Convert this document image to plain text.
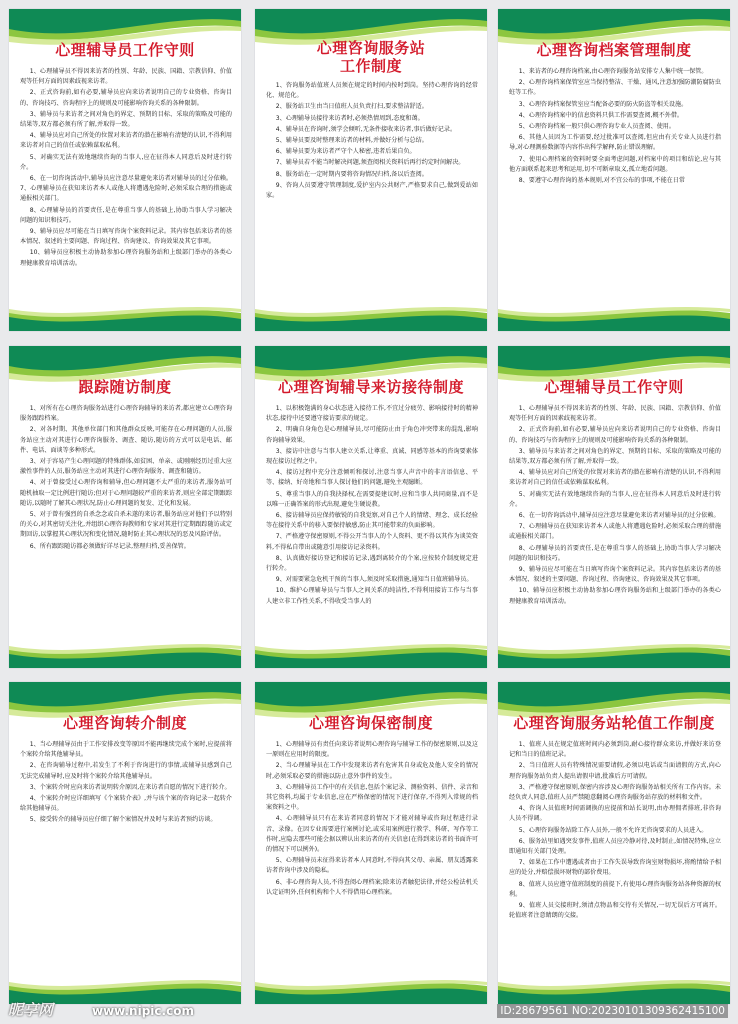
心理辅导员工作守则

1、心理辅导员不得因来访者的性别、年龄、民族、国籍、宗教信仰、价值观等任何方面的因素歧视来访者。

2、正式咨询前,如有必要,辅导员应向来访者说明自己的专业资格、咨询目的、咨询技巧、咨询程序上的规则及可能影响咨询关系的各种限制。

3、辅导员与来访者之间对角色的界定、预期的目标、采取的策略及可能的结果等,双方都必须有所了解,并取得一致。

4、辅导员应对自己所处的位置对来访者的潜在影响有清楚的认识,不得利用来访者对自己的信任或依赖谋取私利。

5、对确实无法有效地继续咨询的当事人,应在征得本人同意后及时进行转介。

6、在一切咨询活动中,辅导员应注意尽量避免来访者对辅导员的过分依赖。7、心理辅导员在获知来访者本人或他人将遭遇危险时,必须采取合理的措施或通报相关部门。

8、心理辅导员的首要责任,是在尊重当事人的基础上,协助当事人学习解决问题的知识和技巧。

9、辅导员应尽可能在当日填写咨询个案资料记录。其内容包括来访者的基本情况、叙述的主要问题、咨询过程、咨询建议、咨询效果及其它事项。

10、辅导员应积极主动协助参加心理咨询服务站和上级部门举办的各类心理健康教育培训活动。

心理咨询服务站
工作制度

1、咨询服务站值班人员须在规定的时间内按时到岗。坚持心理咨询的经常化、规范化。

2、服务站卫生由当日值班人员负责打扫,要求整洁舒适。

3、心理辅导员接待来访者时,必须热情周到,态度和蔼。

4、辅导员在咨询时,须学会倾听,无条件接收来访者,事后做好记录。

5、辅导员要及时整理来访者的材料,并做好分析与总结。

6、辅导员要为来访者严守个人秘密,违者后果自负。

7、辅导员若不能当时解决问题,须查阅相关资料后再行约定时间解决。

8、服务站在一定时期内要将咨询情况归档,备以后查阅。

9、咨询人员要遵守管理制度,爱护室内公共财产,严格要求自己,做到爱站如家。

心理咨询档案管理制度

1、来访者的心理咨询档案,由心理咨询服务站安排专人集中统一保管。

2、心理咨询档案保管室应当保持整洁、干燥、通风,注意加强防潮防腐防虫蛀等工作。

3、心理咨询档案保管室应当配备必要的防火防盗等相关设施。

4、心理咨询档案中的信息资料只供工作需要查阅,概不外借。

5、心理咨询档案一般只供心理咨询专业人员查阅、使用。

6、其他人员因为工作需要,经过批准可以查阅,但应由有关专业人员进行指导,对心理测验数据等内容作出科学解释,防止错误理解。

7、使用心理档案的资料时要全面考虑问题,对档案中的项目和结论,应与其他方面联系起来思考和运用,切不可断章取义,孤立地看问题。

8、要遵守心理咨询的基本规则,对不宜公布的事项,不能在日常

跟踪随访制度

1、对所有在心理咨询服务站进行心理咨询辅导的来访者,都应建立心理咨询服务跟踪档案。

2、对各时期、其他单位部门和其他群众反映,可能存在心理问题的人员,服务站应主动对其进行心理咨询服务、调查、随访,随访的方式可以是电话、邮件、电话、面谈等多种形式。

3、对于容易产生心理问题的特殊群体,如贫困、单亲、或刚刚经历过重大应激性事件的人员,服务站应主动对其进行心理咨询服务、调查和随访。

4、对于曾接受过心理咨询和辅导,但心理问题不太严重的来访者,服务站可随机抽取一定比例进行随访;但对于心理问题较严重的来访者,则应全部定期跟踪随访,以随时了解其心理状况,防止心理问题的复发、迁化和发展。

5、对于曾有强烈的自杀念念或自杀未遂的来访者,服务站应对他们予以特别的关心,对其密切关注化,并组织心理咨询教师和专家对其进行定期跟踪随访或定期回访,以掌握其心理状况和变化情况,随时防止其心理状况的恶及风险评估。

6、所有跟踪随访都必须做好详尽记录,整理归档,妥善保管。

心理咨询辅导来访接待制度

1、以积极饱满的身心状态进入接待工作,不宜过分疲劳、影响接待时的精神状态,接待中还要遵守接访要求的规定。

2、明确自身角色是心理辅导员,尽可能防止由于角色冲突带来的混乱,影响咨询辅导效果。

3、接访中注意与当事人建立关系,让尊重、真诚、同感等基本的咨询要素体现在接访过程之中。

4、接访过程中充分注意倾听和探讨,注意当事人声音中的非言语信息、平等、接纳、好奇地和当事人探讨他们的问题,避免主观臆断。

5、尊重当事人的自我抉择权,在需要提建议时,应和当事人共同商量,而不是以唯一正确答案的形式出现,避免生硬说教。

6、接访辅导员应保持敏锐的自我觉察,对自己个人的情绪、理念、成长经验等在接待关系中的移入要保持敏感,防止其可能带来的负面影响。

7、严格遵守保密原则,不得公开当事人的个人资料、更不得以其作为谈笑资料,不得私自带出或随意引用接访记录资料。

8、认真做好接访登记和接访记录,遇到离转介的个案,应按转介制度规定进行转介。

9、对需要紧急危机干预的当事人,须及时采取措施,通知当日值班辅导员。

10、维护心理辅导员与当事人之间关系的纯洁性,不得利用接访工作与当事人建立非工作性关系,不得收受当事人的

心理辅导员工作守则

1、心理辅导员不得因来访者的性别、年龄、民族、国籍、宗教信仰、价值观等任何方面的因素歧视来访者。

2、正式咨询前,如有必要,辅导员应向来访者说明自己的专业资格、咨询目的、咨询技巧与咨询程序上的规则及可能影响咨询关系的各种限制。

3、辅导员与来访者之间对角色的界定、预期的目标、采取的策略及可能的结果等,双方都必须有所了解,并取得一致。

4、辅导员应对自己所处的位置对来访者的潜在影响有清楚的认识,不得利用来访者对自己的信任或依赖谋取私利。

5、对确实无法有效地继续咨询的当事人,应在征得本人同意后及时进行转介。

6、在一切咨询活动中,辅导员应注意尽量避免来访者对辅导员的过分依赖。

7、心理辅导员在获知来访者本人或他人将遭遇危险时,必须采取合理的措施或通报相关部门。

8、心理辅导员的首要责任,是在尊重当事人的基础上,协助当事人学习解决问题的知识和技巧。

9、辅导员应尽可能在当日填写咨询个案资料记录。其内容包括来访者的基本情况、叙述的主要问题、咨询过程、咨询建议、咨询效果及其它事项。

10、辅导员应积极主动协助参加心理咨询服务站和上级部门举办的各类心理健康教育培训活动。

心理咨询转介制度

1、当心理辅导员由于工作安排改变等原因不能再继续完成个案时,应提前将个案转介给其他辅导员。

2、在咨询辅导过程中,若发生了不利于咨询进行的事情,或辅导员感到自己无法完成辅导时,应及时将个案转介给其他辅导员。

3、个案转介时应向来访者说明转介原因,在来访者自愿的情况下进行转介。

4、个案转介时应详细填写《个案转介表》,并与该个案的咨询记录一起转介给其他辅导员。

5、接受转介的辅导员应仔细了解个案情况并及时与来访者预约访谈。

心理咨询保密制度

1、心理辅导员有责任向来访者说明心理咨询与辅导工作的保密原则,以及这一原则在应用时的限度。

2、当心理辅导员在工作中发现来访者有危害其自身或危及他人安全的情况时,必须采取必要的措施以防止意外事件的发生。

3、心理辅导员工作中的有关信息,包括个案记录、测验资料、信件、录音和其它资料,均属于专业信息,应在严格保密的情况下进行保存,不得列入常规的档案资料之中。

4、心理辅导员只有在来访者同意的情况下才能对辅导或咨询过程进行录音、录像。在因专业需要进行案例讨论,或采用案例进行教学、科研、写作等工作时,应隐去那些可能会据以辨认出来访者的有关信息(在得到来访者的书面许可的情况下可以例外)。

5、心理辅导员未征得来访者本人同意时,不得向其父母、亲属、朋友透露来访者咨询中涉及的隐私。

6、非心理咨询人员,不得查阅心理档案;除来访者触犯法律,并经公检法机关认定证明外,任何机构和个人不得借用心理档案。

心理咨询服务站轮值工作制度

1、值班人员在规定值班时间内必须到岗,耐心接待群众来访,并做好来访登记和当日的值班记录。

2、当日值班人员有特殊情况需要请假,必须以电话或当面请假的方式,向心理咨询服务站负责人提出请假申请,批准后方可请假。

3、严格遵守保密原则,保密内容涉及心理咨询服务站相关所有工作内容。未经负责人同意,值班人员严禁随意翻阅心理咨询服务站存放的材料和文件。

4、咨询人员值班时间需调换的应提前和站长说明,由办理佣者排班,非咨询人员不得调。

5、心理咨询服务站除工作人员外,一般不允许无咨询要求的人员进入。

6、服务站里如遇突发事件,值班人员应冷静对待,及时制止,如情况特殊,应立即通知有关部门处理。

7、如果在工作中遭遇或者由于工作失误导致咨询室财物损坏,将酌情给予相应的处分,并赔偿损坏财物的部价费用。

8、值班人员应遵守值班制度的前提下,有使用心理咨询服务站各种资源的权利。

9、值班人员交接班时,须清点物品和交待有关情况,一切无误后方可离开。轮值班者注意睛朗的交接。

昵享网	www.nipic.com	ID:28679561 NO:20230101309362415100
